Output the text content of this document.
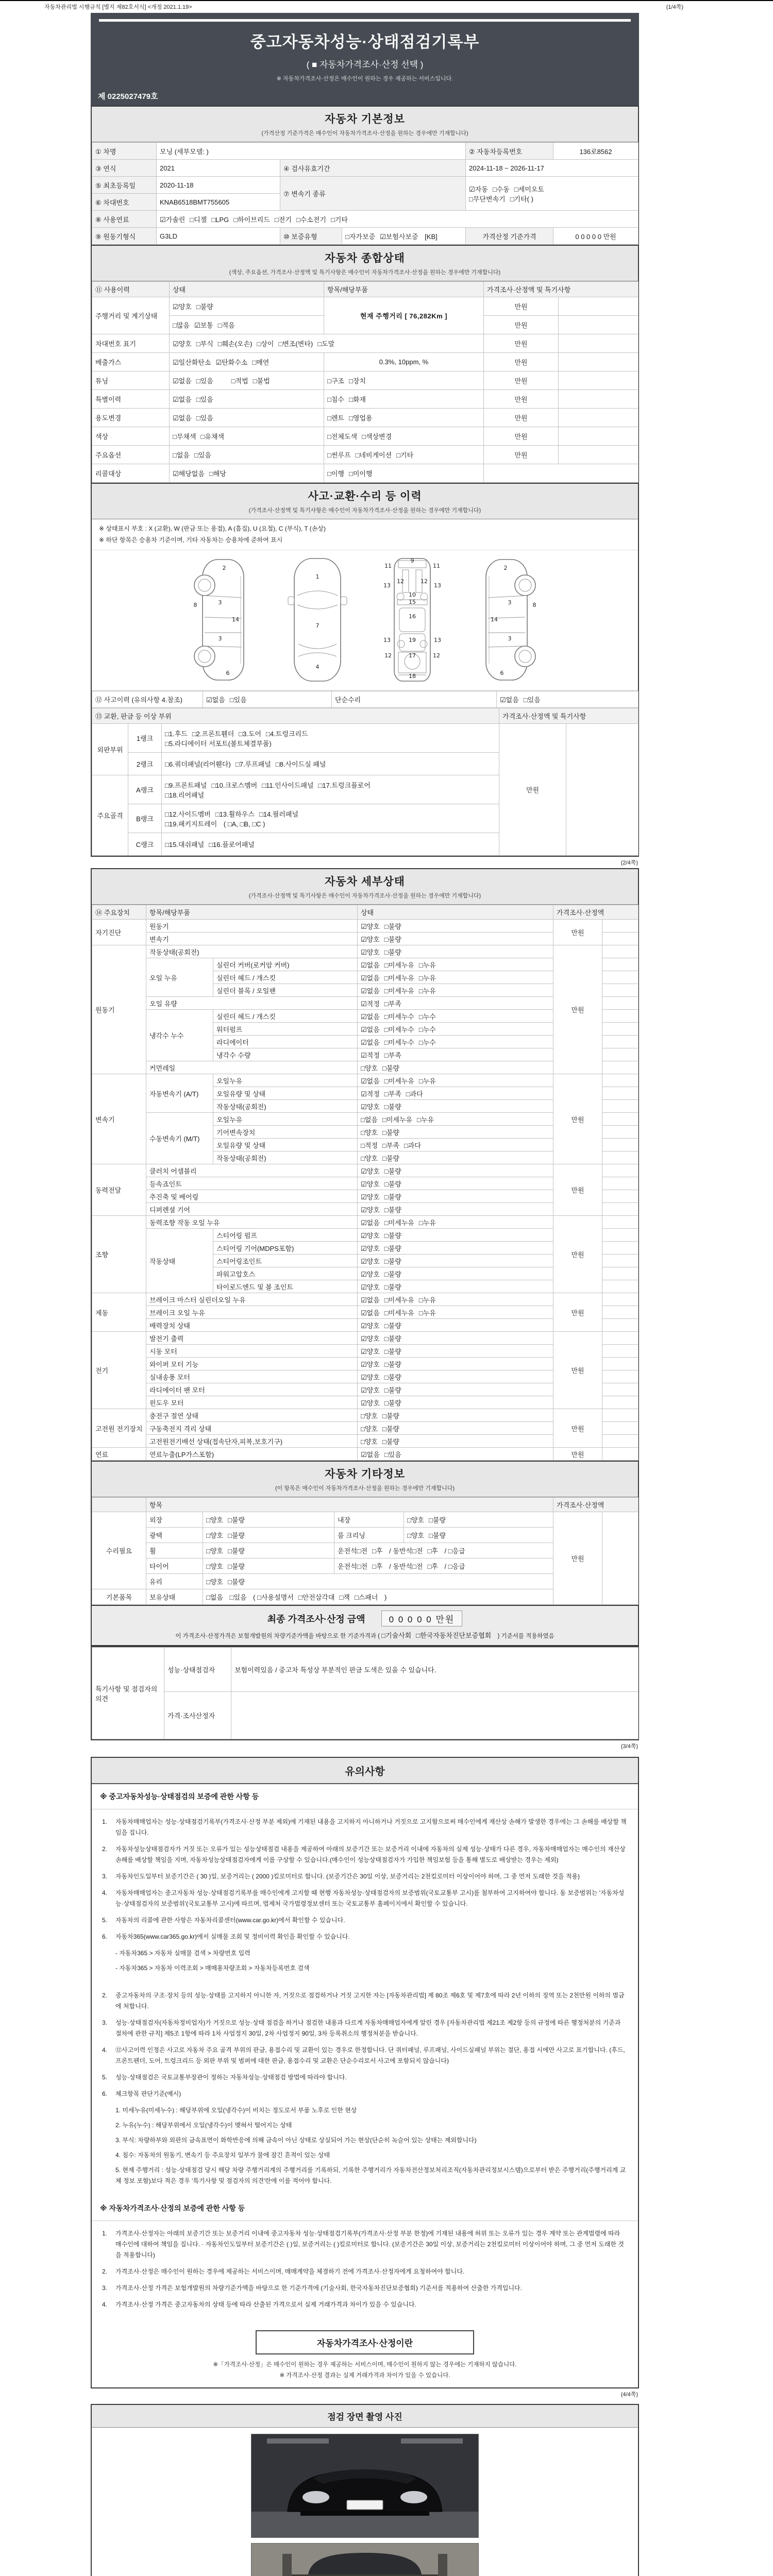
자동차관리법 시행규칙 [별지 제82호서식] <개정 2021.1.19>	(1/4쪽)
중고자동차성능·상태점검기록부
( ■ 자동차가격조사·산정 선택 )
※ 자동차가격조사·산정은 매수인이 원하는 경우 제공하는 서비스입니다.
제 0225027479호
자동차 기본정보
(가격산정 기준가격은 매수인이 자동차가격조사·산정을 원하는 경우에만 기재합니다)
① 차명	모닝 (세부모델: )			② 자동차등록번호	136로8562
③ 연식	2021	④ 검사유효기간		2024-11-18 ~ 2026-11-17	
⑤ 최초등록일	2020-11-18	⑦ 변속기 종류		☑자동 □수동 □세미오토
□무단변속기 □기타( )	
⑥ 차대번호	KNAB6518BMT755605				
⑧ 사용연료	☑가솔린 □디젤 □LPG □하이브리드 □전기 □수소전기 □기타				
⑨ 원동기형식	G3LD	⑩ 보증유형	□자가보증 ☑보험사보증 [KB]	가격산정 기준가격	0 0 0 0 0 만원
자동차 종합상태
(색상, 주요옵션, 가격조사·산정액 및 특기사항은 매수인이 자동차가격조사·산정을 원하는 경우에만 기재합니다)
⑪ 사용이력	상태	항목/해당부품	가격조사·산정액 및 특기사항	
주행거리 및 계기상태	☑양호 □불량	현재 주행거리 [ 76,282Km ]	만원	
	□많음 ☑보통 □적음		만원	
차대번호 표기	☑양호 □부식 □훼손(오손) □상이 □변조(변타) □도말		만원	
배출가스	☑일산화탄소 ☑탄화수소 □매연	0.3%, 10ppm, %	만원	
튜닝	☑없음 □있음 □적법 □불법	□구조 □장치	만원	
특별이력	☑없음 □있음	□침수 □화재	만원	
용도변경	☑없음 □있음	□렌트 □영업용	만원	
색상	□무채색 □유채색	□전체도색 □색상변경	만원	
주요옵션	□없음 □있음	□썬루프 □네비게이션 □기타	만원	
리콜대상	☑해당없음 □해당	□이행 □미이행		
사고·교환·수리 등 이력
(가격조사·산정액 및 특기사항은 매수인이 자동차가격조사·산정을 원하는 경우에만 기재합니다)
※ 상태표시 부호 : X (교환), W (판금 또는 용접), A (흠집), U (요철), C (부식), T (손상)
※ 하단 항목은 승용차 기준이며, 기타 자동차는 승용차에 준하여 표시
2
8	3
14
3
6
1
7
4
9
11	11
13
12	12
13
10
15
16
13	19	13
12	17	12
18
2
8
3
14
3
6
⑫ 사고이력 (유의사항 4.참조)	☑없음 □있음	단순수리	☑없음 □있음
⑬ 교환, 판금 등 이상 부위			가격조사·산정액 및 특기사항	
외판부위	1랭크	□1.후드 □2.프론트휀더 □3.도어 □4.트렁크리드
□5.라디에이터 서포트(볼트체결부품)	만원	
	2랭크	□6.쿼더패널(리어휀다) □7.루프패널 □8.사이드실 패널		
주요골격	A랭크	□9.프론트패널 □10.크로스멤버 □11.인사이드패널 □17.트렁크플로어
□18.리어패널		
	B랭크	□12.사이드멤버 □13.휠하우스 □14.필러패널
□19.패키지트레이 ( □A, □B, □C )		
	C랭크	□15.대쉬패널 □16.플로어패널		
(2/4쪽)
자동차 세부상태
(가격조사·산정액 및 특기사항은 매수인이 자동차가격조사·산정을 원하는 경우에만 기재합니다)
⑭ 주요장치	항목/해당부품		상태	가격조사·산정액	
자기진단	원동기		☑양호 □불량	만원	
	변속기		☑양호 □불량		
원동기	작동상태(공회전)		☑양호 □불량	만원	
	오일 누유	실린더 커버(로커암 커버)	☑없음 □미세누유 □누유		
		실린더 헤드 / 개스킷	☑없음 □미세누유 □누유		
		실린더 블록 / 오일팬	☑없음 □미세누유 □누유		
	오일 유량		☑적정 □부족		
	냉각수 누수	실린더 헤드 / 개스킷	☑없음 □미세누수 □누수		
		워터펌프	☑없음 □미세누수 □누수		
		라디에이터	☑없음 □미세누수 □누수		
		냉각수 수량	☑적정 □부족		
	커먼레일		□양호 □불량		
변속기	자동변속기 (A/T)	오일누유	☑없음 □미세누유 □누유	만원	
		오일유량 및 상태	☑적정 □부족 □과다		
		작동상태(공회전)	☑양호 □불량		
	수동변속기 (M/T)	오일누유	□없음 □미세누유 □누유		
		기어변속장치	□양호 □불량		
		오일유량 및 상태	□적정 □부족 □과다		
		작동상태(공회전)	□양호 □불량		
동력전달	클러치 어셈블리		☑양호 □불량	만원	
	등속죠인트		☑양호 □불량		
	추진축 및 베어링		☑양호 □불량		
	디퍼렌셜 기어		☑양호 □불량		
조향	동력조향 작동 오일 누유		☑없음 □미세누유 □누유	만원	
	작동상태	스티어링 펌프	☑양호 □불량		
		스티어링 기어(MDPS포함)	☑양호 □불량		
		스티어링조인트	☑양호 □불량		
		파워고압호스	☑양호 □불량		
		타이로드엔드 및 볼 조인트	☑양호 □불량		
제동	브레이크 마스터 실린더오일 누유		☑없음 □미세누유 □누유	만원	
	브레이크 오일 누유		☑없음 □미세누유 □누유		
	배력장치 상태		☑양호 □불량		
전기	발전기 출력		☑양호 □불량	만원	
	시동 모터		☑양호 □불량		
	와이퍼 모터 기능		☑양호 □불량		
	실내송풍 모터		☑양호 □불량		
	라디에이터 팬 모터		☑양호 □불량		
	윈도우 모터		☑양호 □불량		
고전원 전기장치	충전구 절연 상태		□양호 □불량	만원	
	구동축전지 격리 상태		□양호 □불량		
	고전원전기배선 상태(접속단자,피복,보호기구)		□양호 □불량		
연료	연료누출(LP가스포함)		☑없음 □있음	만원	
자동차 기타정보
(이 항목은 매수인이 자동차가격조사·산정을 원하는 경우에만 기재합니다)
	항목				가격조사·산정액	
수리필요	외장	□양호 □불량	내장	□양호 □불량	만원	
	광택	□양호 □불량	룸 크리닝	□양호 □불량		
	휠	□양호 □불량	운전석□전 □후 / 동반석□전 □후 / □응급			
	타이어	□양호 □불량	운전석□전 □후 / 동반석□전 □후 / □응급			
	유리	□양호 □불량				
기본품목	보유상태	□없음 □있음 ( □사용설명서 □안전삼각대 □잭 □스패너 )				
최종 가격조사·산정 금액	0 0 0 0 0 만원
이 가격조사·산정가격은 보험개발원의 차량기준가액을 바탕으로 한 기준가격과 ( □기술사회 □한국자동차진단보증협회 ) 기준서를 적용하였음
특기사항 및 점검자의 의견	성능·상태점검자	보험이력있음 / 중고차 특성상 부분적인 판금 도색은 있을 수 있습니다.
	가격·조사산정자	
(3/4쪽)
유의사항
※ 중고자동차성능·상태점검의 보증에 관한 사항 등
1.	자동차매매업자는 성능·상태점검기록부(가격조사·산정 부분 제외)에 기재된 내용을 고지하지 아니하거나 거짓으로 고지함으로써 매수인에게 재산상 손해가 발생한 경우에는 그 손해를 배상할 책임을 집니다.
2.	자동차성능상태점검자가 거짓 또는 오류가 있는 성능상태점검 내용을 제공하여 아래의 보증기간 또는 보증거리 이내에 자동차의 실제 성능·상태가 다른 경우, 자동차매매업자는 매수인의 재산상 손해를 배상할 책임을 지며, 자동차성능상태점검자에게 이를 구상할 수 있습니다.(매수인이 성능상태점검자가 가입한 책임보험 등을 통해 별도로 배상받는 경우는 제외)
3.	자동차인도일부터 보증기간은 ( 30 )일, 보증거리는 ( 2000 )킬로미터로 합니다. (보증기간은 30일 이상, 보증거리는 2천킬로미터 이상이어야 하며, 그 중 먼저 도래한 것을 적용)
4.	자동차매매업자는 중고자동차 성능·상태점검기록부를 매수인에게 고지할 때 현행 자동차성능·상태점검자의 보증범위(국토교통부 고시)를 첨부하여 고지하여야 합니다. 동 보증범위는 '자동차성능·상태점검자의 보증범위'(국토교통부 고시)에 따르며, 법제처 국가법령정보센터 또는 국토교통부 홈페이지에서 확인할 수 있습니다.
5.	자동차의 리콜에 관한 사항은 자동차리콜센터(www.car.go.kr)에서 확인할 수 있습니다.
6.	자동차365(www.car365.go.kr)에서 실매물 조회 및 정비이력 확인을 확인할 수 있습니다.
- 자동차365 > 자동차 실매물 검색 > 차량번호 입력
- 자동차365 > 자동차 이력조회 > 매매용차량조회 > 자동차등록번호 검색
2.	중고자동차의 구조·장치 등의 성능·상태를 고지하지 아니한 자, 거짓으로 점검하거나 거짓 고지한 자는 [자동차관리법] 제 80조 제6호 및 제7호에 따라 2년 이하의 징역 또는 2천만원 이하의 벌금에 처합니다.
3.	성능·상태점검자(자동차정비업자)가 거짓으로 성능·상태 점검을 하거나 점검한 내용과 다르게 자동차매매업자에게 알린 경우 [자동차관리법 제21조 제2항 등의 규정에 따른 행정처분의 기준과 절차에 관한 규칙] 제5조 1항에 따라 1차 사업정지 30일, 2차 사업정지 90일, 3차 등록취소의 행정처분을 받습니다.
4.	⑫사고이력 인정은 사고로 자동차 주요 골격 부위의 판금, 용접수리 및 교환이 있는 경우로 한정합니다. 단 쿼터패널, 루프패널, 사이드실패널 부위는 절단, 용접 시에만 사고로 표기합니다. (후드, 프론트펜더, 도어, 트렁크리드 등 외판 부위 및 범퍼에 대한 판금, 용접수리 및 교환은 단순수리로서 사고에 포함되지 않습니다)
5.	성능·상태점검은 국토교통부장관이 정하는 자동차성능·상태점검 방법에 따라야 합니다.
6.	체크항목 판단기준(예시)
1. 미세누유(미세누수) : 해당부위에 오일(냉각수)이 비치는 정도로서 부품 노후로 인한 현상
2. 누유(누수) : 해당부위에서 오일(냉각수)이 맺혀서 떨어지는 상태
3. 부식: 차량하부와 외판의 금속표면이 화학반응에 의해 금속이 아닌 상태로 상실되어 가는 현상(단순히 녹슬어 있는 상태는 제외합니다)
4. 침수: 자동차의 원동기, 변속기 등 주요장치 일부가 물에 잠긴 흔적이 있는 상태
5. 현재 주행거리 : 성능·상태점검 당시 해당 차량 주행거리계의 주행거리를 기록하되, 기록한 주행거리가 자동차전산정보처리조직(자동차관리정보시스템)으로부터 받은 주행거리(주행거리계 교체 정보 포함)보다 적은 경우 '특기사항 및 점검자의 의견'란에 이를 적어야 합니다.
※ 자동차가격조사·산정의 보증에 관한 사항 등
1.	가격조사·산정자는 아래의 보증기간 또는 보증거리 이내에 중고자동차 성능·상태점검기록부(가격조사·산정 부분 한정)에 기재된 내용에 허위 또는 오류가 있는 경우 계약 또는 관계법령에 따라 매수인에 대하여 책임을 집니다. · 자동차인도일부터 보증기간은 ( )일, 보증거리는 ( )킬로미터로 합니다. (보증기간은 30일 이상, 보증거리는 2천킬로미터 이상이어야 하며, 그 중 먼저 도래한 것을 적용합니다)
2.	가격조사·산정은 매수인이 원하는 경우에 제공하는 서비스이며, 매매계약을 체결하기 전에 가격조사·산정자에게 요청하여야 합니다.
3.	가격조사·산정 가격은 보험개발원의 차량기준가액을 바탕으로 한 기준가격에 (기술사회, 한국자동차진단보증협회) 기준서를 적용하여 산출한 가격입니다.
4.	가격조사·산정 가격은 중고자동차의 상태 등에 따라 산출된 가격으로서 실제 거래가격과 차이가 있을 수 있습니다.
자동차가격조사·산정이란
※「가격조사·산정」은 매수인이 원하는 경우 제공하는 서비스이며, 매수인이 원하지 않는 경우에는 기재하지 않습니다.
※ 가격조사·산정 결과는 실제 거래가격과 차이가 있을 수 있습니다.
(4/4쪽)
점검 장면 촬영 사진
